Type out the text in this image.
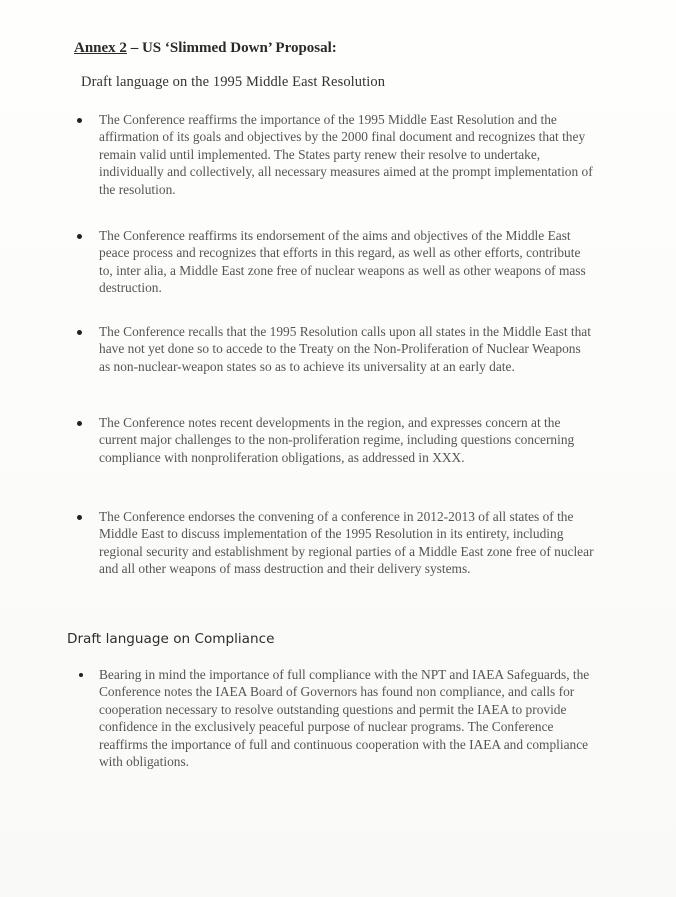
Annex 2 – US ‘Slimmed Down’ Proposal:
Draft language on the 1995 Middle East Resolution
The Conference reaffirms the importance of the 1995 Middle East Resolution and the affirmation of its goals and objectives by the 2000 final document and recognizes that they remain valid until implemented. The States party renew their resolve to undertake, individually and collectively, all necessary measures aimed at the prompt implementation of the resolution.
The Conference reaffirms its endorsement of the aims and objectives of the Middle East peace process and recognizes that efforts in this regard, as well as other efforts, contribute to, inter alia, a Middle East zone free of nuclear weapons as well as other weapons of mass destruction.
The Conference recalls that the 1995 Resolution calls upon all states in the Middle East that have not yet done so to accede to the Treaty on the Non-Proliferation of Nuclear Weapons as non-nuclear-weapon states so as to achieve its universality at an early date.
The Conference notes recent developments in the region, and expresses concern at the current major challenges to the non-proliferation regime, including questions concerning compliance with nonproliferation obligations, as addressed in XXX.
The Conference endorses the convening of a conference in 2012-2013 of all states of the Middle East to discuss implementation of the 1995 Resolution in its entirety, including regional security and establishment by regional parties of a Middle East zone free of nuclear and all other weapons of mass destruction and their delivery systems.
Draft language on Compliance
Bearing in mind the importance of full compliance with the NPT and IAEA Safeguards, the Conference notes the IAEA Board of Governors has found non compliance, and calls for cooperation necessary to resolve outstanding questions and permit the IAEA to provide confidence in the exclusively peaceful purpose of nuclear programs. The Conference reaffirms the importance of full and continuous cooperation with the IAEA and compliance with obligations.
